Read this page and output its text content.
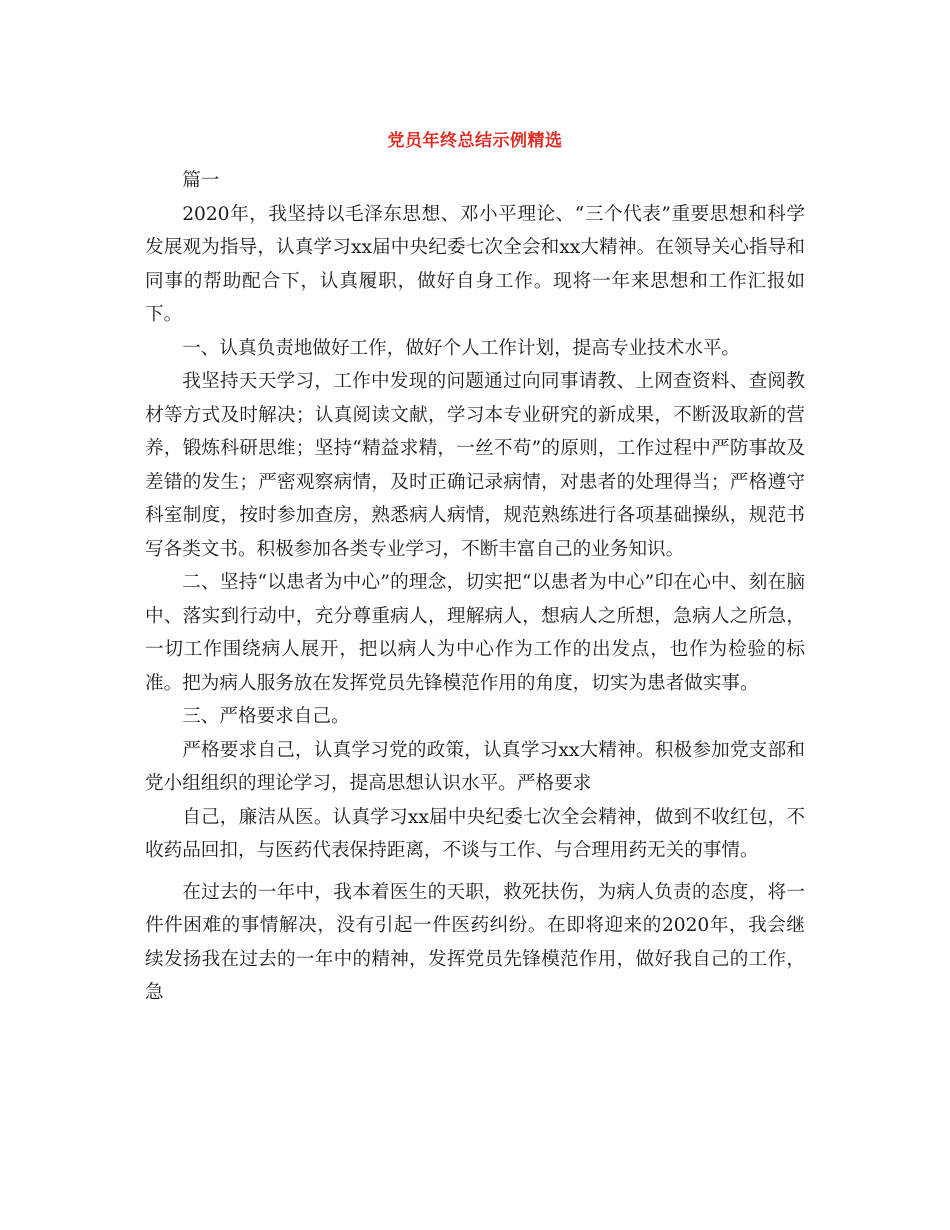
党员年终总结示例精选

篇一

2020年，我坚持以毛泽东思想、邓小平理论、“三个代表”重要思想和科学发展观为指导，认真学习xx届中央纪委七次全会和xx大精神。在领导关心指导和同事的帮助配合下，认真履职，做好自身工作。现将一年来思想和工作汇报如下。

一、认真负责地做好工作，做好个人工作计划，提高专业技术水平。

我坚持天天学习，工作中发现的问题通过向同事请教、上网查资料、查阅教材等方式及时解决；认真阅读文献，学习本专业研究的新成果，不断汲取新的营养，锻炼科研思维；坚持“精益求精，一丝不苟”的原则，工作过程中严防事故及差错的发生；严密观察病情，及时正确记录病情，对患者的处理得当；严格遵守科室制度，按时参加查房，熟悉病人病情，规范熟练进行各项基础操纵，规范书写各类文书。积极参加各类专业学习，不断丰富自己的业务知识。

二、坚持“以患者为中心”的理念，切实把“以患者为中心”印在心中、刻在脑中、落实到行动中，充分尊重病人，理解病人，想病人之所想，急病人之所急，一切工作围绕病人展开，把以病人为中心作为工作的出发点，也作为检验的标准。把为病人服务放在发挥党员先锋模范作用的角度，切实为患者做实事。

三、严格要求自己。

严格要求自己，认真学习党的政策，认真学习xx大精神。积极参加党支部和党小组组织的理论学习，提高思想认识水平。严格要求

自己，廉洁从医。认真学习xx届中央纪委七次全会精神，做到不收红包，不收药品回扣，与医药代表保持距离，不谈与工作、与合理用药无关的事情。

在过去的一年中，我本着医生的天职，救死扶伤，为病人负责的态度，将一件件困难的事情解决，没有引起一件医药纠纷。在即将迎来的2020年，我会继续发扬我在过去的一年中的精神，发挥党员先锋模范作用，做好我自己的工作，急
